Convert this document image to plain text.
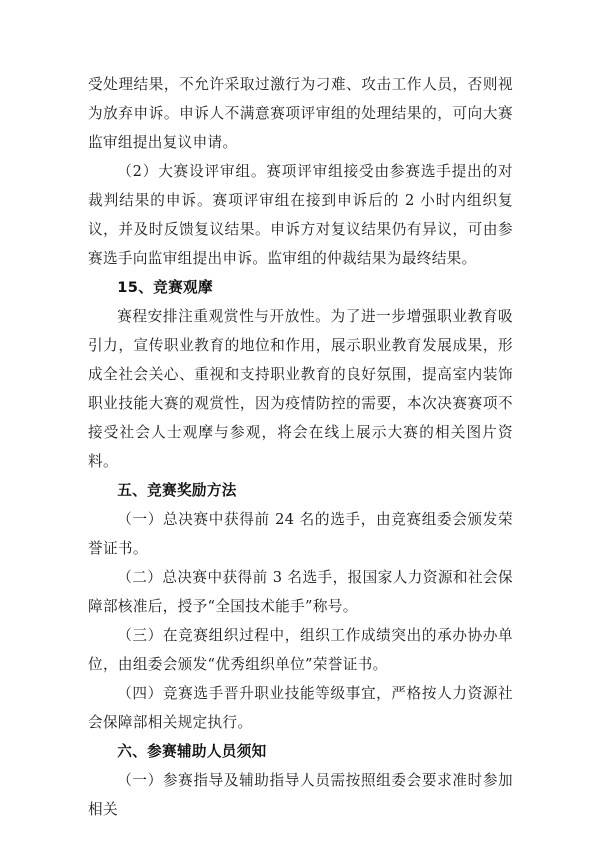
受处理结果，不允许采取过激行为刁难、攻击工作人员，否则视为放弃申诉。申诉人不满意赛项评审组的处理结果的，可向大赛监审组提出复议申请。

（2）大赛设评审组。赛项评审组接受由参赛选手提出的对裁判结果的申诉。赛项评审组在接到申诉后的 2 小时内组织复议，并及时反馈复议结果。申诉方对复议结果仍有异议，可由参赛选手向监审组提出申诉。监审组的仲裁结果为最终结果。

15、竞赛观摩

赛程安排注重观赏性与开放性。为了进一步增强职业教育吸引力，宣传职业教育的地位和作用，展示职业教育发展成果，形成全社会关心、重视和支持职业教育的良好氛围，提高室内装饰职业技能大赛的观赏性，因为疫情防控的需要，本次决赛赛项不接受社会人士观摩与参观，将会在线上展示大赛的相关图片资料。

五、竞赛奖励方法

（一）总决赛中获得前 24 名的选手，由竞赛组委会颁发荣誉证书。

（二）总决赛中获得前 3 名选手，报国家人力资源和社会保障部核准后，授予“全国技术能手”称号。

（三）在竞赛组织过程中，组织工作成绩突出的承办协办单位，由组委会颁发“优秀组织单位”荣誉证书。

（四）竞赛选手晋升职业技能等级事宜，严格按人力资源社会保障部相关规定执行。

六、参赛辅助人员须知

（一）参赛指导及辅助指导人员需按照组委会要求准时参加相关
